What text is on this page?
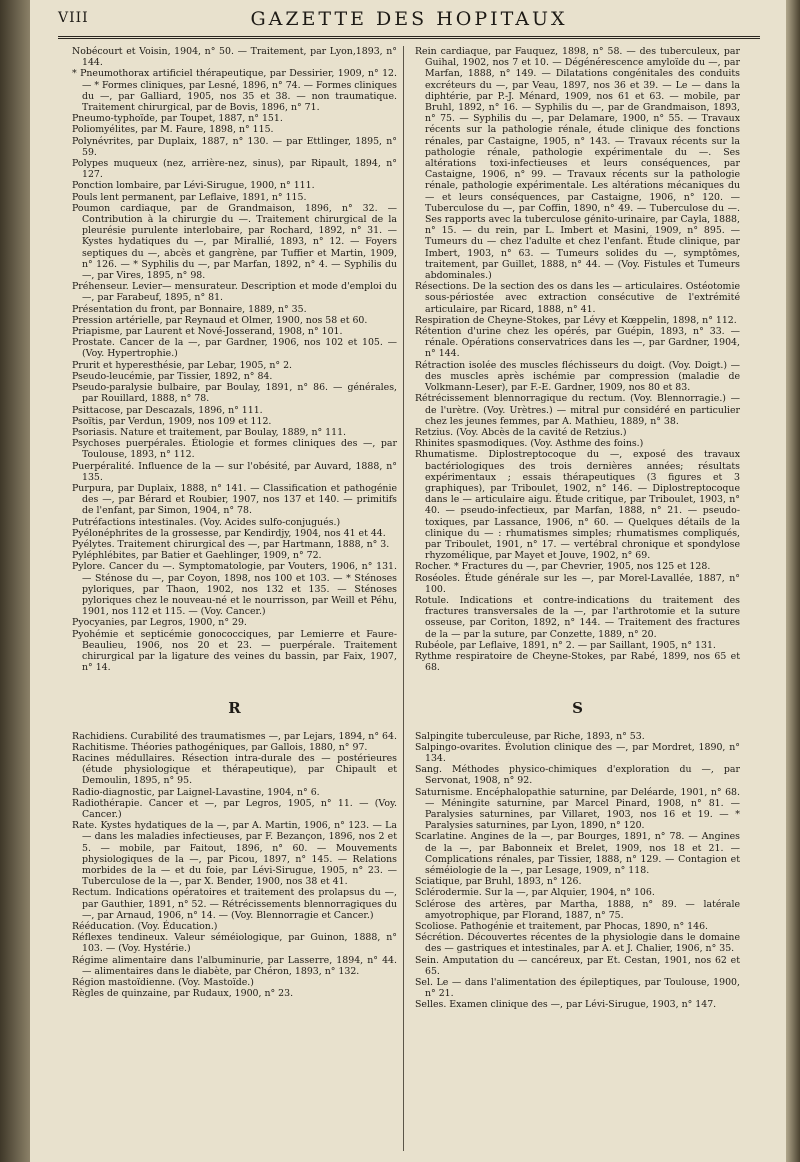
VIII	GAZETTE DES HOPITAUX

Nobécourt et Voisin, 1904, n° 50. — Traitement, par Lyon,1893, n° 144.

* Pneumothorax artificiel thérapeutique, par Dessirier, 1909, n° 12. — * Formes cliniques, par Lesné, 1896, n° 74. — Formes cliniques du —, par Galliard, 1905, nos 35 et 38. — non traumatique. Traitement chirurgical, par de Bovis, 1896, n° 71.

Pneumo-typhoïde, par Toupet, 1887, n° 151.

Poliomyélites, par M. Faure, 1898, n° 115.

Polynévrites, par Duplaix, 1887, n° 130. — par Ettlinger, 1895, n° 59.

Polypes muqueux (nez, arrière-nez, sinus), par Ripault, 1894, n° 127.

Ponction lombaire, par Lévi-Sirugue, 1900, n° 111.

Pouls lent permanent, par Leflaive, 1891, n° 115.

Poumon cardiaque, par de Grandmaison, 1896, n° 32. — Contribution à la chirurgie du —. Traitement chirurgical de la pleurésie purulente interlobaire, par Rochard, 1892, n° 31. — Kystes hydatiques du —, par Mirallié, 1893, n° 12. — Foyers septiques du —, abcès et gangrène, par Tuffier et Martin, 1909, n° 126. — * Syphilis du —, par Marfan, 1892, n° 4. — Syphilis du —, par Vires, 1895, n° 98.

Préhenseur. Levier— mensurateur. Description et mode d'emploi du —, par Farabeuf, 1895, n° 81.

Présentation du front, par Bonnaire, 1889, n° 35.

Pression artérielle, par Reynaud et Olmer, 1900, nos 58 et 60.

Priapisme, par Laurent et Nové-Josserand, 1908, n° 101.

Prostate. Cancer de la —, par Gardner, 1906, nos 102 et 105. — (Voy. Hypertrophie.)

Prurit et hyperesthésie, par Lebar, 1905, n° 2.

Pseudo-leucémie, par Tissier, 1892, n° 84.

Pseudo-paralysie bulbaire, par Boulay, 1891, n° 86. — générales, par Rouillard, 1888, n° 78.

Psittacose, par Descazals, 1896, n° 111.

Psoïtis, par Verdun, 1909, nos 109 et 112.

Psoriasis. Nature et traitement, par Boulay, 1889, n° 111.

Psychoses puerpérales. Étiologie et formes cliniques des —, par Toulouse, 1893, n° 112.

Puerpéralité. Influence de la — sur l'obésité, par Auvard, 1888, n° 135.

Purpura, par Duplaix, 1888, n° 141. — Classification et pathogénie des —, par Bérard et Roubier, 1907, nos 137 et 140. — primitifs de l'enfant, par Simon, 1904, n° 78.

Putréfactions intestinales. (Voy. Acides sulfo-conjugués.)

Pyélonéphrites de la grossesse, par Kendirdjy, 1904, nos 41 et 44.

Pyélytes. Traitement chirurgical des —, par Hartmann, 1888, n° 3.

Pyléphlébites, par Batier et Gaehlinger, 1909, n° 72.

Pylore. Cancer du —. Symptomatologie, par Vouters, 1906, n° 131. — Sténose du —, par Coyon, 1898, nos 100 et 103. — * Sténoses pyloriques, par Thaon, 1902, nos 132 et 135. — Sténoses pyloriques chez le nouveau-né et le nourrisson, par Weill et Péhu, 1901, nos 112 et 115. — (Voy. Cancer.)

Pyocyanies, par Legros, 1900, n° 29.

Pyohémie et septicémie gonococciques, par Lemierre et Faure-Beaulieu, 1906, nos 20 et 23. — puerpérale. Traitement chirurgical par la ligature des veines du bassin, par Faix, 1907, n° 14.

R

Rachidiens. Curabilité des traumatismes —, par Lejars, 1894, n° 64.

Rachitisme. Théories pathogéniques, par Gallois, 1880, n° 97.

Racines médullaires. Résection intra-durale des — postérieures (étude physiologique et thérapeutique), par Chipault et Demoulin, 1895, n° 95.

Radio-diagnostic, par Laignel-Lavastine, 1904, n° 6.

Radiothérapie. Cancer et —, par Legros, 1905, n° 11. — (Voy. Cancer.)

Rate. Kystes hydatiques de la —, par A. Martin, 1906, n° 123. — La — dans les maladies infectieuses, par F. Bezançon, 1896, nos 2 et 5. — mobile, par Faitout, 1896, n° 60. — Mouvements physiologiques de la —, par Picou, 1897, n° 145. — Relations morbides de la — et du foie, par Lévi-Sirugue, 1905, n° 23. — Tuberculose de la —, par X. Bender, 1900, nos 38 et 41.

Rectum. Indications opératoires et traitement des prolapsus du —, par Gauthier, 1891, n° 52. — Rétrécissements blennorragiques du —, par Arnaud, 1906, n° 14. — (Voy. Blennorragie et Cancer.)

Rééducation. (Voy. Éducation.)

Réflexes tendineux. Valeur séméiologique, par Guinon, 1888, n° 103. — (Voy. Hystérie.)

Régime alimentaire dans l'albuminurie, par Lasserre, 1894, n° 44. — alimentaires dans le diabète, par Chéron, 1893, n° 132.

Région mastoïdienne. (Voy. Mastoïde.)

Règles de quinzaine, par Rudaux, 1900, n° 23.

Rein cardiaque, par Fauquez, 1898, n° 58. — des tuberculeux, par Guihal, 1902, nos 7 et 10. — Dégénérescence amyloïde du —, par Marfan, 1888, n° 149. — Dilatations congénitales des conduits excréteurs du —, par Veau, 1897, nos 36 et 39. — Le — dans la diphtérie, par P.-J. Ménard, 1909, nos 61 et 63. — mobile, par Bruhl, 1892, n° 16. — Syphilis du —, par de Grandmaison, 1893, n° 75. — Syphilis du —, par Delamare, 1900, n° 55. — Travaux récents sur la pathologie rénale, étude clinique des fonctions rénales, par Castaigne, 1905, n° 143. — Travaux récents sur la pathologie rénale, pathologie expérimentale du —. Ses altérations toxi-infectieuses et leurs conséquences, par Castaigne, 1906, n° 99. — Travaux récents sur la pathologie rénale, pathologie expérimentale. Les altérations mécaniques du — et leurs conséquences, par Castaigne, 1906, n° 120. — Tuberculose du —, par Coffin, 1890, n° 49. — Tuberculose du —. Ses rapports avec la tuberculose génito-urinaire, par Cayla, 1888, n° 15. — du rein, par L. Imbert et Masini, 1909, n° 895. — Tumeurs du — chez l'adulte et chez l'enfant. Étude clinique, par Imbert, 1903, n° 63. — Tumeurs solides du —, symptômes, traitement, par Guillet, 1888, n° 44. — (Voy. Fistules et Tumeurs abdominales.)

Résections. De la section des os dans les — articulaires. Ostéotomie sous-périostée avec extraction consécutive de l'extrémité articulaire, par Ricard, 1888, n° 41.

Respiration de Cheyne-Stokes, par Lévy et Kœppelin, 1898, n° 112.

Rétention d'urine chez les opérés, par Guépin, 1893, n° 33. — rénale. Opérations conservatrices dans les —, par Gardner, 1904, n° 144.

Rétraction isolée des muscles fléchisseurs du doigt. (Voy. Doigt.) — des muscles après ischémie par compression (maladie de Volkmann-Leser), par F.-E. Gardner, 1909, nos 80 et 83.

Rétrécissement blennorragique du rectum. (Voy. Blennorragie.) — de l'urètre. (Voy. Urètres.) — mitral pur considéré en particulier chez les jeunes femmes, par A. Mathieu, 1889, n° 38.

Retzius. (Voy. Abcès de la cavité de Retzius.)

Rhinites spasmodiques. (Voy. Asthme des foins.)

Rhumatisme. Diplostreptocoque du —, exposé des travaux bactériologiques des trois dernières années; résultats expérimentaux ; essais thérapeutiques (3 figures et 3 graphiques), par Triboulet, 1902, n° 146. — Diplostreptocoque dans le — articulaire aigu. Étude critique, par Triboulet, 1903, n° 40. — pseudo-infectieux, par Marfan, 1888, n° 21. — pseudo-toxiques, par Lassance, 1906, n° 60. — Quelques détails de la clinique du — : rhumatismes simples; rhumatismes compliqués, par Triboulet, 1901, n° 17. — vertébral chronique et spondylose rhyzomélique, par Mayet et Jouve, 1902, n° 69.

Rocher. * Fractures du —, par Chevrier, 1905, nos 125 et 128.

Roséoles. Étude générale sur les —, par Morel-Lavallée, 1887, n° 100.

Rotule. Indications et contre-indications du traitement des fractures transversales de la —, par l'arthrotomie et la suture osseuse, par Coriton, 1892, n° 144. — Traitement des fractures de la — par la suture, par Conzette, 1889, n° 20.

Rubéole, par Leflaive, 1891, n° 2. — par Saillant, 1905, n° 131.

Rythme respiratoire de Cheyne-Stokes, par Rabé, 1899, nos 65 et 68.

S

Salpingite tuberculeuse, par Riche, 1893, n° 53.

Salpingo-ovarites. Évolution clinique des —, par Mordret, 1890, n° 134.

Sang. Méthodes physico-chimiques d'exploration du —, par Servonat, 1908, n° 92.

Saturnisme. Encéphalopathie saturnine, par Deléarde, 1901, n° 68. — Méningite saturnine, par Marcel Pinard, 1908, n° 81. — Paralysies saturnines, par Villaret, 1903, nos 16 et 19. — * Paralysies saturnines, par Lyon, 1890, n° 120.

Scarlatine. Angines de la —, par Bourges, 1891, n° 78. — Angines de la —, par Babonneix et Brelet, 1909, nos 18 et 21. — Complications rénales, par Tissier, 1888, n° 129. — Contagion et séméiologie de la —, par Lesage, 1909, n° 118.

Sciatique, par Bruhl, 1893, n° 126.

Sclérodermie. Sur la —, par Alquier, 1904, n° 106.

Sclérose des artères, par Martha, 1888, n° 89. — latérale amyotrophique, par Florand, 1887, n° 75.

Scoliose. Pathogénie et traitement, par Phocas, 1890, n° 146.

Sécrétion. Découvertes récentes de la physiologie dans le domaine des — gastriques et intestinales, par A. et J. Chalier, 1906, n° 35.

Sein. Amputation du — cancéreux, par Et. Cestan, 1901, nos 62 et 65.

Sel. Le — dans l'alimentation des épileptiques, par Toulouse, 1900, n° 21.

Selles. Examen clinique des —, par Lévi-Sirugue, 1903, n° 147.
